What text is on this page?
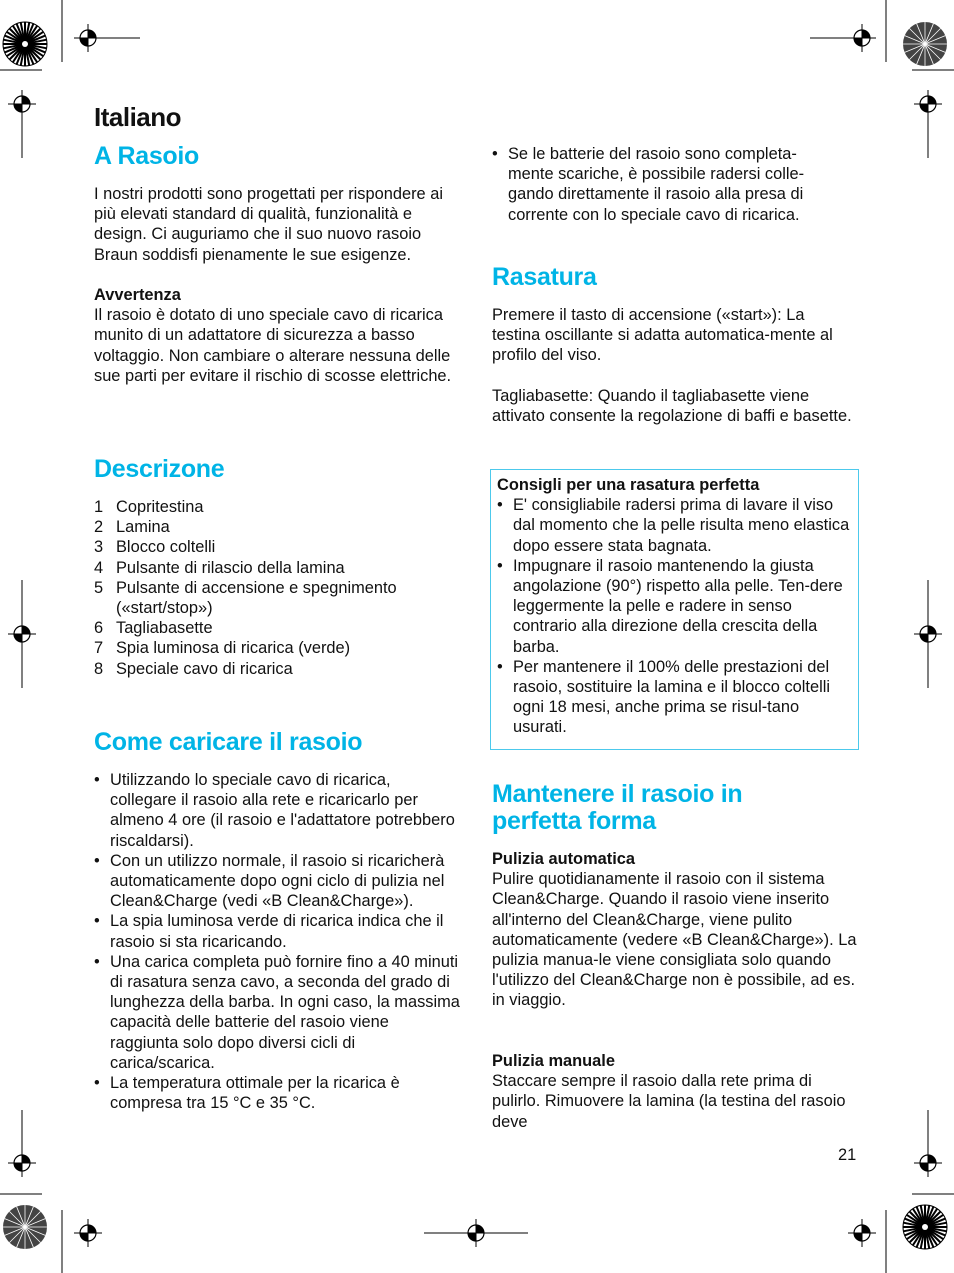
Italiano
A Rasoio
I nostri prodotti sono progettati per rispondere ai più elevati standard di qualità, funzionalità e design. Ci auguriamo che il suo nuovo rasoio Braun soddisfi pienamente le sue esigenze.

Avvertenza

Il rasoio è dotato di uno speciale cavo di ricarica munito di un adattatore di sicurezza a basso voltaggio. Non cambiare o alterare nessuna delle sue parti per evitare il rischio di scosse elettriche.

Descrizone
1 Copritestina
2 Lamina
3 Blocco coltelli
4 Pulsante di rilascio della lamina
5 Pulsante di accensione e spegnimento («start/stop»)
6 Tagliabasette
7 Spia luminosa di ricarica (verde)
8 Speciale cavo di ricarica
Come caricare il rasoio
• Utilizzando lo speciale cavo di ricarica, collegare il rasoio alla rete e ricaricarlo per almeno 4 ore (il rasoio e l'adattatore potrebbero riscaldarsi).
• Con un utilizzo normale, il rasoio si ricaricherà automaticamente dopo ogni ciclo di pulizia nel Clean&Charge (vedi «B Clean&Charge»).
• La spia luminosa verde di ricarica indica che il rasoio si sta ricaricando.
• Una carica completa può fornire fino a 40 minuti di rasatura senza cavo, a seconda del grado di lunghezza della barba. In ogni caso, la massima capacità delle batterie del rasoio viene raggiunta solo dopo diversi cicli di carica/scarica.
• La temperatura ottimale per la ricarica è compresa tra 15 °C e 35 °C.
• Se le batterie del rasoio sono completa-mente scariche, è possibile radersi colle-gando direttamente il rasoio alla presa di corrente con lo speciale cavo di ricarica.
Rasatura
Premere il tasto di accensione («start»): La testina oscillante si adatta automatica-mente al profilo del viso.
Tagliabasette: Quando il tagliabasette viene attivato consente la regolazione di baffi e basette.

Consigli per una rasatura perfetta

• E' consigliabile radersi prima di lavare il viso dal momento che la pelle risulta meno elastica dopo essere stata bagnata.
• Impugnare il rasoio mantenendo la giusta angolazione (90°) rispetto alla pelle. Ten-dere leggermente la pelle e radere in senso contrario alla direzione della crescita della barba.
• Per mantenere il 100% delle prestazioni del rasoio, sostituire la lamina e il blocco coltelli ogni 18 mesi, anche prima se risul-tano usurati.
Mantenere il rasoio in perfetta forma

Pulizia automatica

Pulire quotidianamente il rasoio con il sistema Clean&Charge. Quando il rasoio viene inserito all'interno del Clean&Charge, viene pulito automaticamente (vedere «B Clean&Charge»). La pulizia manua-le viene consigliata solo quando l'utilizzo del Clean&Charge non è possibile, ad es. in viaggio.

Pulizia manuale

Staccare sempre il rasoio dalla rete prima di pulirlo. Rimuovere la lamina (la testina del rasoio deve

21
